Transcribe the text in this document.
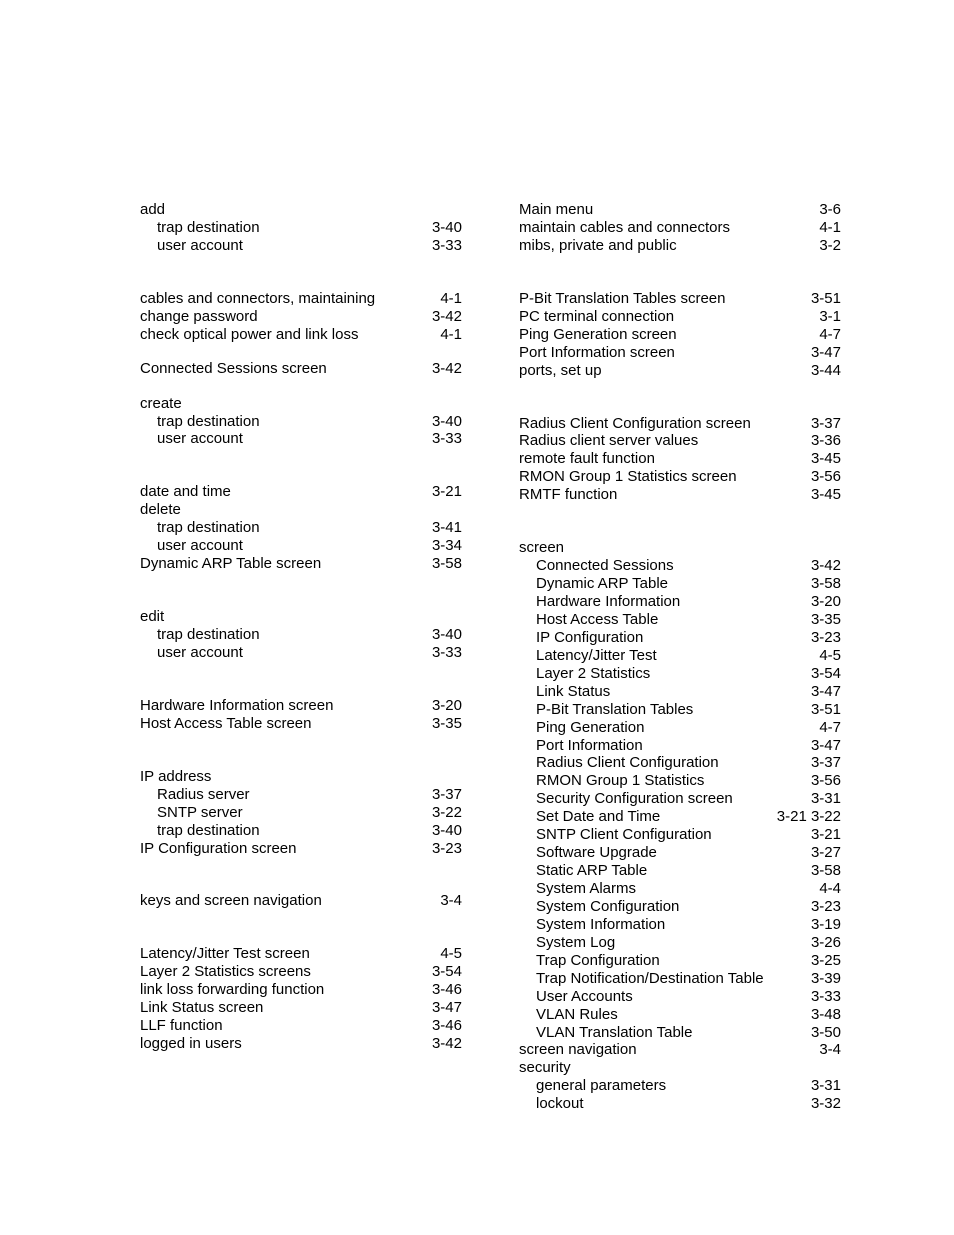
add
trap destination	3-40
user account	3-33
cables and connectors, maintaining	4-1
change password	3-42
check optical power and link loss	4-1
Connected Sessions screen	3-42
create
trap destination	3-40
user account	3-33
date and time	3-21
delete
trap destination	3-41
user account	3-34
Dynamic ARP Table screen	3-58
edit
trap destination	3-40
user account	3-33
Hardware Information screen	3-20
Host Access Table screen	3-35
IP address
Radius server	3-37
SNTP server	3-22
trap destination	3-40
IP Configuration screen	3-23
keys and screen navigation	3-4
Latency/Jitter Test screen	4-5
Layer 2 Statistics screens	3-54
link loss forwarding function	3-46
Link Status screen	3-47
LLF function	3-46
logged in users	3-42
Main menu	3-6
maintain cables and connectors	4-1
mibs, private and public	3-2
P-Bit Translation Tables screen	3-51
PC terminal connection	3-1
Ping Generation screen	4-7
Port Information screen	3-47
ports, set up	3-44
Radius Client Configuration screen	3-37
Radius client server values	3-36
remote fault function	3-45
RMON Group 1 Statistics screen	3-56
RMTF function	3-45
screen
Connected Sessions	3-42
Dynamic ARP Table	3-58
Hardware Information	3-20
Host Access Table	3-35
IP Configuration	3-23
Latency/Jitter Test	4-5
Layer 2 Statistics	3-54
Link Status	3-47
P-Bit Translation Tables	3-51
Ping Generation	4-7
Port Information	3-47
Radius Client Configuration	3-37
RMON Group 1 Statistics	3-56
Security Configuration screen	3-31
Set Date and Time	3-21 3-22
SNTP Client Configuration	3-21
Software Upgrade	3-27
Static ARP Table	3-58
System Alarms	4-4
System Configuration	3-23
System Information	3-19
System Log	3-26
Trap Configuration	3-25
Trap Notification/Destination Table	3-39
User Accounts	3-33
VLAN Rules	3-48
VLAN Translation Table	3-50
screen navigation	3-4
security
general parameters	3-31
lockout	3-32
